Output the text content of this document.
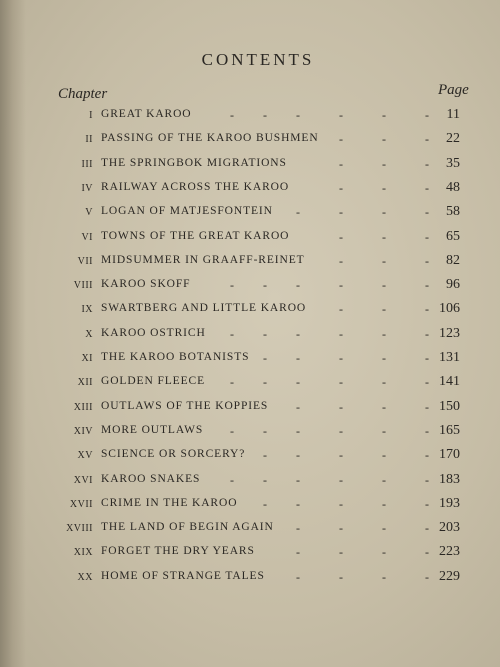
CONTENTS
Chapter	Page
I GREAT KAROO	- - -	-	-	- 11
II PASSING OF THE KAROO BUSHMEN -	-	- 22
III THE SPRINGBOK MIGRATIONS	-	-	- 35
IV RAILWAY ACROSS THE KAROO	-	-	- 48
V LOGAN OF MATJESFONTEIN -	-	-	- 58
VI TOWNS OF THE GREAT KAROO	-	-	- 65
VII MIDSUMMER IN GRAAFF-REINET	-	-	- 82
VIII KAROO SKOFF	- - -	-	-	- 96
IX SWARTBERG AND LITTLE KAROO	-	-	- 106
X KAROO OSTRICH - - -	-	-	- 123
XI THE KAROO BOTANISTS - -	-	-	- 131
XII GOLDEN FLEECE - - -	-	-	- 141
XIII OUTLAWS OF THE KOPPIES -	-	-	- 150
XIV MORE OUTLAWS - - -	-	-	- 165
XV SCIENCE OR SORCERY? - -	-	-	- 170
XVI KAROO SNAKES - - -	-	-	- 183
XVII CRIME IN THE KAROO - -	-	-	- 193
XVIII THE LAND OF BEGIN AGAIN -	-	-	- 203
XIX FORGET THE DRY YEARS	-	-	-	- 223
XX HOME OF STRANGE TALES	-	-	-	- 229
